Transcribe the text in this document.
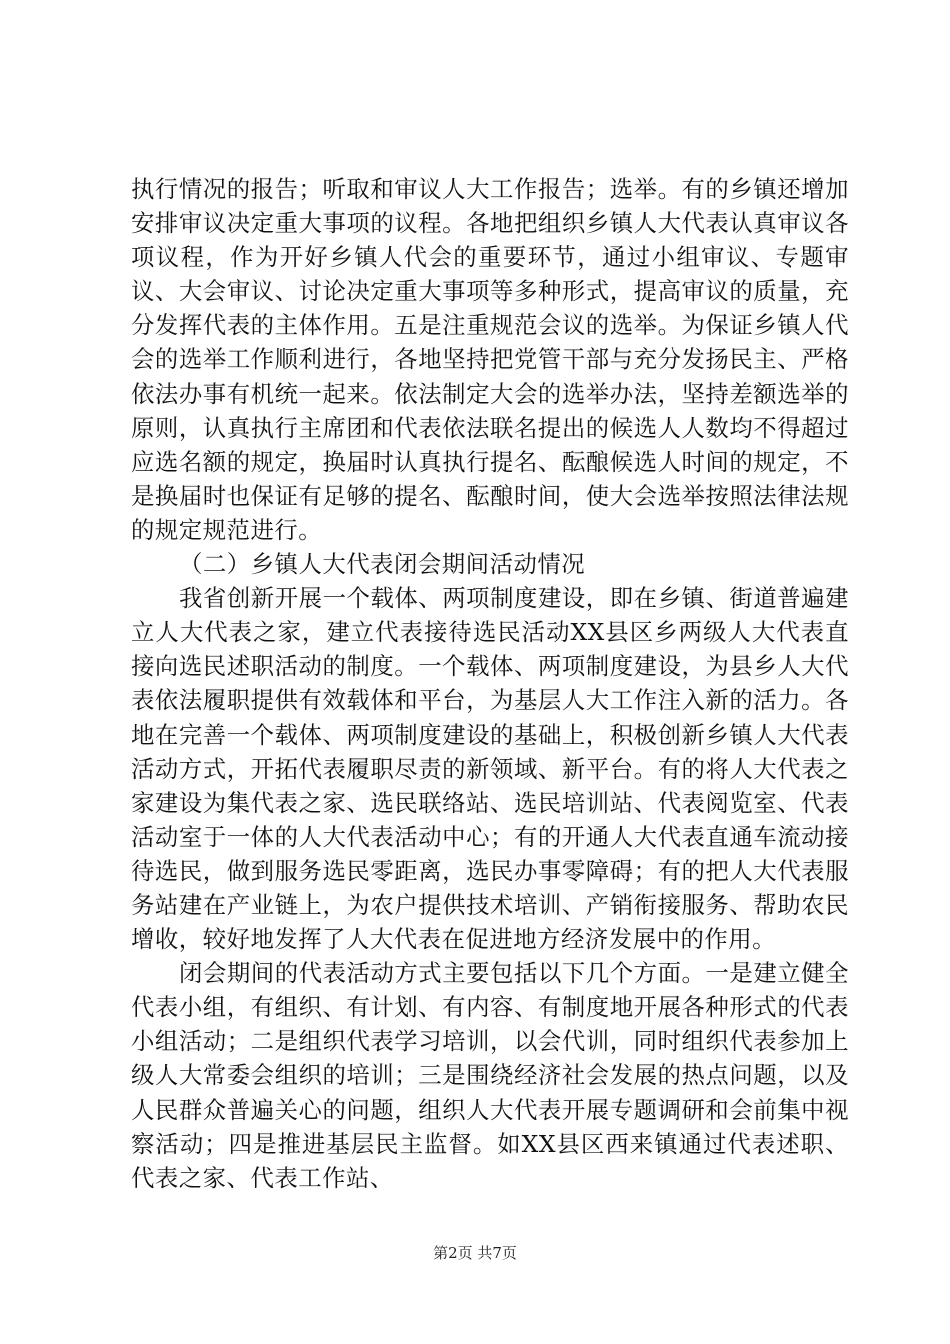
执行情况的报告；听取和审议人大工作报告；选举。有的乡镇还增加安排审议决定重大事项的议程。各地把组织乡镇人大代表认真审议各项议程，作为开好乡镇人代会的重要环节，通过小组审议、专题审议、大会审议、讨论决定重大事项等多种形式，提高审议的质量，充分发挥代表的主体作用。五是注重规范会议的选举。为保证乡镇人代会的选举工作顺利进行，各地坚持把党管干部与充分发扬民主、严格依法办事有机统一起来。依法制定大会的选举办法，坚持差额选举的原则，认真执行主席团和代表依法联名提出的候选人人数均不得超过应选名额的规定，换届时认真执行提名、酝酿候选人时间的规定，不是换届时也保证有足够的提名、酝酿时间，使大会选举按照法律法规的规定规范进行。

（二）乡镇人大代表闭会期间活动情况

我省创新开展一个载体、两项制度建设，即在乡镇、街道普遍建立人大代表之家，建立代表接待选民活动XX县区乡两级人大代表直接向选民述职活动的制度。一个载体、两项制度建设，为县乡人大代表依法履职提供有效载体和平台，为基层人大工作注入新的活力。各地在完善一个载体、两项制度建设的基础上，积极创新乡镇人大代表活动方式，开拓代表履职尽责的新领域、新平台。有的将人大代表之家建设为集代表之家、选民联络站、选民培训站、代表阅览室、代表活动室于一体的人大代表活动中心；有的开通人大代表直通车流动接待选民，做到服务选民零距离，选民办事零障碍；有的把人大代表服务站建在产业链上，为农户提供技术培训、产销衔接服务、帮助农民增收，较好地发挥了人大代表在促进地方经济发展中的作用。

闭会期间的代表活动方式主要包括以下几个方面。一是建立健全代表小组，有组织、有计划、有内容、有制度地开展各种形式的代表小组活动；二是组织代表学习培训，以会代训，同时组织代表参加上级人大常委会组织的培训；三是围绕经济社会发展的热点问题，以及人民群众普遍关心的问题，组织人大代表开展专题调研和会前集中视察活动；四是推进基层民主监督。如XX县区西来镇通过代表述职、代表之家、代表工作站、

第2页 共7页
